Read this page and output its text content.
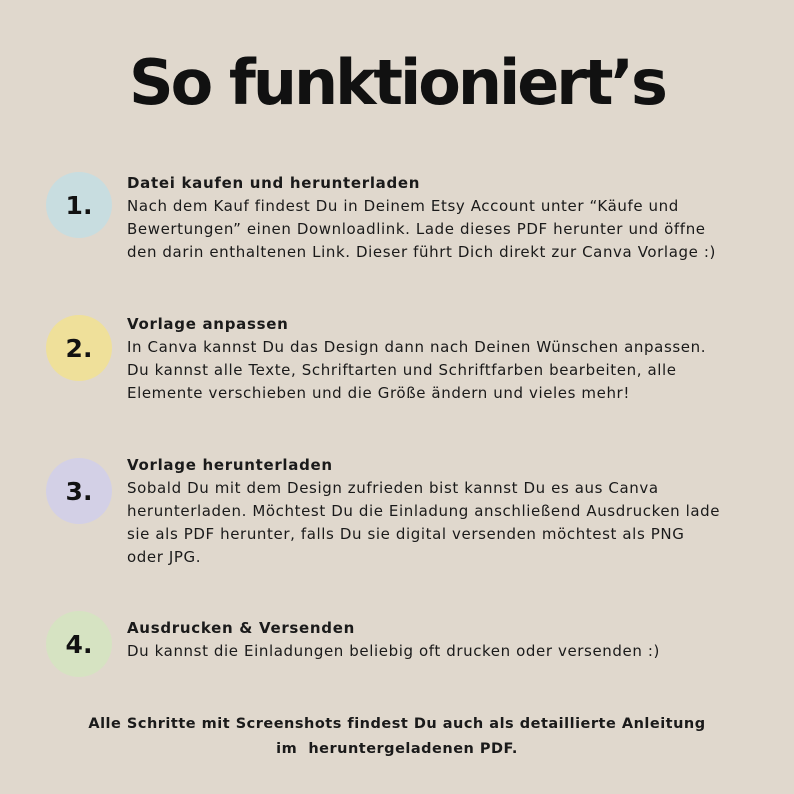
So funktioniert’s
1.
Datei kaufen und herunterladen
Nach dem Kauf findest Du in Deinem Etsy Account unter “Käufe und
Bewertungen” einen Downloadlink. Lade dieses PDF herunter und öffne
den darin enthaltenen Link. Dieser führt Dich direkt zur Canva Vorlage :)
2.
Vorlage anpassen
In Canva kannst Du das Design dann nach Deinen Wünschen anpassen.
Du kannst alle Texte, Schriftarten und Schriftfarben bearbeiten, alle
Elemente verschieben und die Größe ändern und vieles mehr!
3.
Vorlage herunterladen
Sobald Du mit dem Design zufrieden bist kannst Du es aus Canva
herunterladen. Möchtest Du die Einladung anschließend Ausdrucken lade
sie als PDF herunter, falls Du sie digital versenden möchtest als PNG
oder JPG.
4.
Ausdrucken & Versenden
Du kannst die Einladungen beliebig oft drucken oder versenden :)
Alle Schritte mit Screenshots findest Du auch als detaillierte Anleitung
im  heruntergeladenen PDF.
